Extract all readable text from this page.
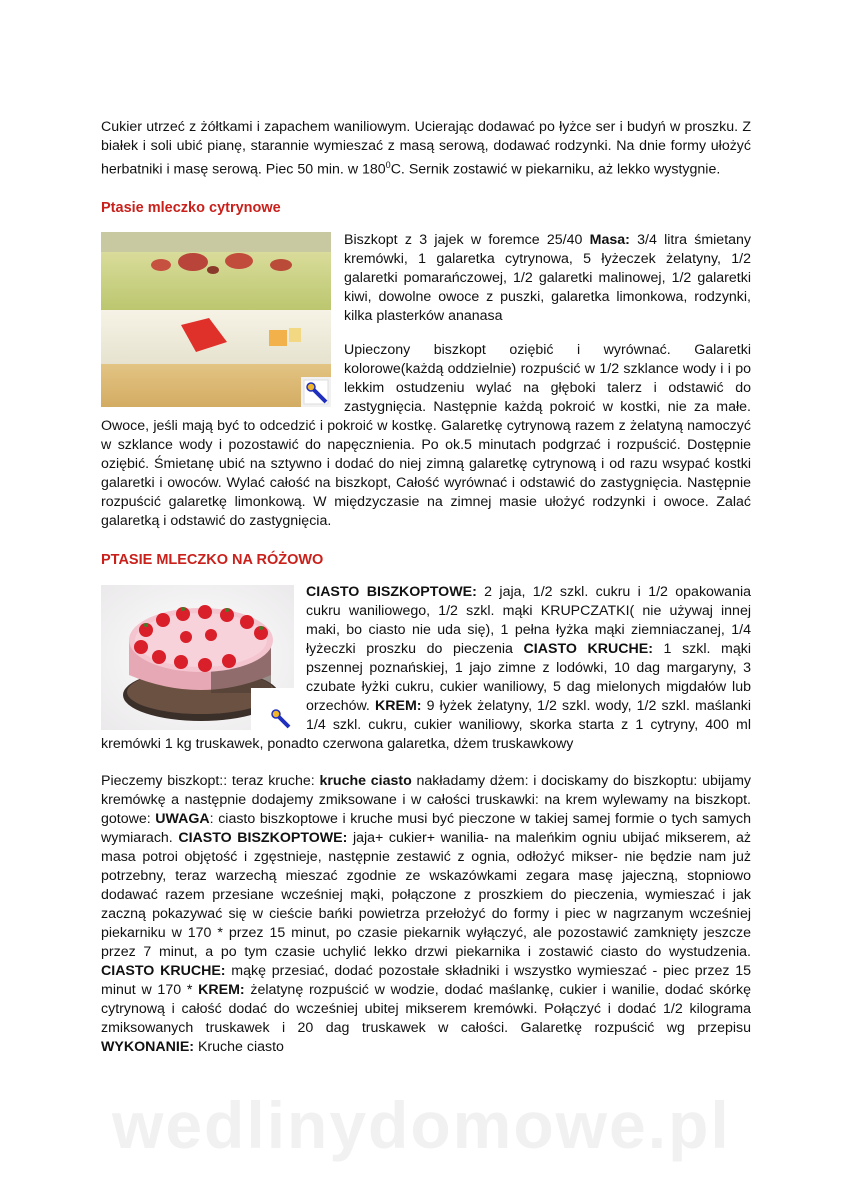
Cukier utrzeć z żółtkami i zapachem waniliowym. Ucierając dodawać po łyżce ser i budyń w proszku. Z białek i soli ubić pianę, starannie wymieszać z masą serową, dodawać rodzynki. Na dnie formy ułożyć herbatniki i masę serową. Piec 50 min. w $180^0C$. Sernik zostawić w piekarniku, aż lekko wystygnie.

Ptasie mleczko cytrynowe

Biszkopt z 3 jajek w foremce 25/40 Masa: 3/4 litra śmietany kremówki, 1 galaretka cytrynowa, 5 łyżeczek żelatyny, 1/2 galaretki pomarańczowej, 1/2 galaretki malinowej, 1/2 galaretki kiwi, dowolne owoce z puszki, galaretka limonkowa, rodzynki, kilka plasterków ananasa

Upieczony biszkopt oziębić i wyrównać. Galaretki kolorowe(każdą oddzielnie) rozpuścić w 1/2 szklance wody i i po lekkim ostudzeniu wylać na głęboki talerz i odstawić do zastygnięcia. Następnie każdą pokroić w kostki, nie za małe. Owoce, jeśli mają być to odcedzić i pokroić w kostkę. Galaretkę cytrynową razem z żelatyną namoczyć w szklance wody i pozostawić do napęcznienia. Po ok.5 minutach podgrzać i rozpuścić. Dostępnie oziębić. Śmietanę ubić na sztywno i dodać do niej zimną galaretkę cytrynową i od razu wsypać kostki galaretki i owoców. Wylać całość na biszkopt, Całość wyrównać i odstawić do zastygnięcia. Następnie rozpuścić galaretkę limonkową. W międzyczasie na zimnej masie ułożyć rodzynki i owoce. Zalać galaretką i odstawić do zastygnięcia.

PTASIE MLECZKO NA RÓŻOWO

CIASTO BISZKOPTOWE: 2 jaja, 1/2 szkl. cukru i 1/2 opakowania cukru waniliowego, 1/2 szkl. mąki KRUPCZATKI( nie używaj innej maki, bo ciasto nie uda się), 1 pełna łyżka mąki ziemniaczanej, 1/4 łyżeczki proszku do pieczenia CIASTO KRUCHE: 1 szkl. mąki pszennej poznańskiej, 1 jajo zimne z lodówki, 10 dag margaryny, 3 czubate łyżki cukru, cukier waniliowy, 5 dag mielonych migdałów lub orzechów. KREM: 9 łyżek żelatyny, 1/2 szkl. wody, 1/2 szkl. maślanki 1/4 szkl. cukru, cukier waniliowy, skorka starta z 1 cytryny, 400 ml kremówki 1 kg truskawek, ponadto czerwona galaretka, dżem truskawkowy

Pieczemy biszkopt:: teraz kruche: kruche ciasto nakładamy dżem: i dociskamy do biszkoptu: ubijamy kremówkę a następnie dodajemy zmiksowane i w całości truskawki: na krem wylewamy na biszkopt. gotowe: UWAGA: ciasto biszkoptowe i kruche musi być pieczone w takiej samej formie o tych samych wymiarach. CIASTO BISZKOPTOWE: jaja+ cukier+ wanilia- na maleńkim ogniu ubijać mikserem, aż masa potroi objętość i zgęstnieje, następnie zestawić z ognia, odłożyć mikser- nie będzie nam już potrzebny, teraz warzechą mieszać zgodnie ze wskazówkami zegara masę jajeczną, stopniowo dodawać razem przesiane wcześniej mąki, połączone z proszkiem do pieczenia, wymieszać i jak zaczną pokazywać się w cieście bańki powietrza przełożyć do formy i piec w nagrzanym wcześniej piekarniku w 170 * przez 15 minut, po czasie piekarnik wyłączyć, ale pozostawić zamknięty jeszcze przez 7 minut, a po tym czasie uchylić lekko drzwi piekarnika i zostawić ciasto do wystudzenia. CIASTO KRUCHE: mąkę przesiać, dodać pozostałe składniki i wszystko wymieszać - piec przez 15 minut w 170 * KREM: żelatynę rozpuścić w wodzie, dodać maślankę, cukier i wanilie, dodać skórkę cytrynową i całość dodać do wcześniej ubitej mikserem kremówki. Połączyć i dodać 1/2 kilograma zmiksowanych truskawek i 20 dag truskawek w całości. Galaretkę rozpuścić wg przepisu WYKONANIE: Kruche ciasto

wedlinydomowe.pl
